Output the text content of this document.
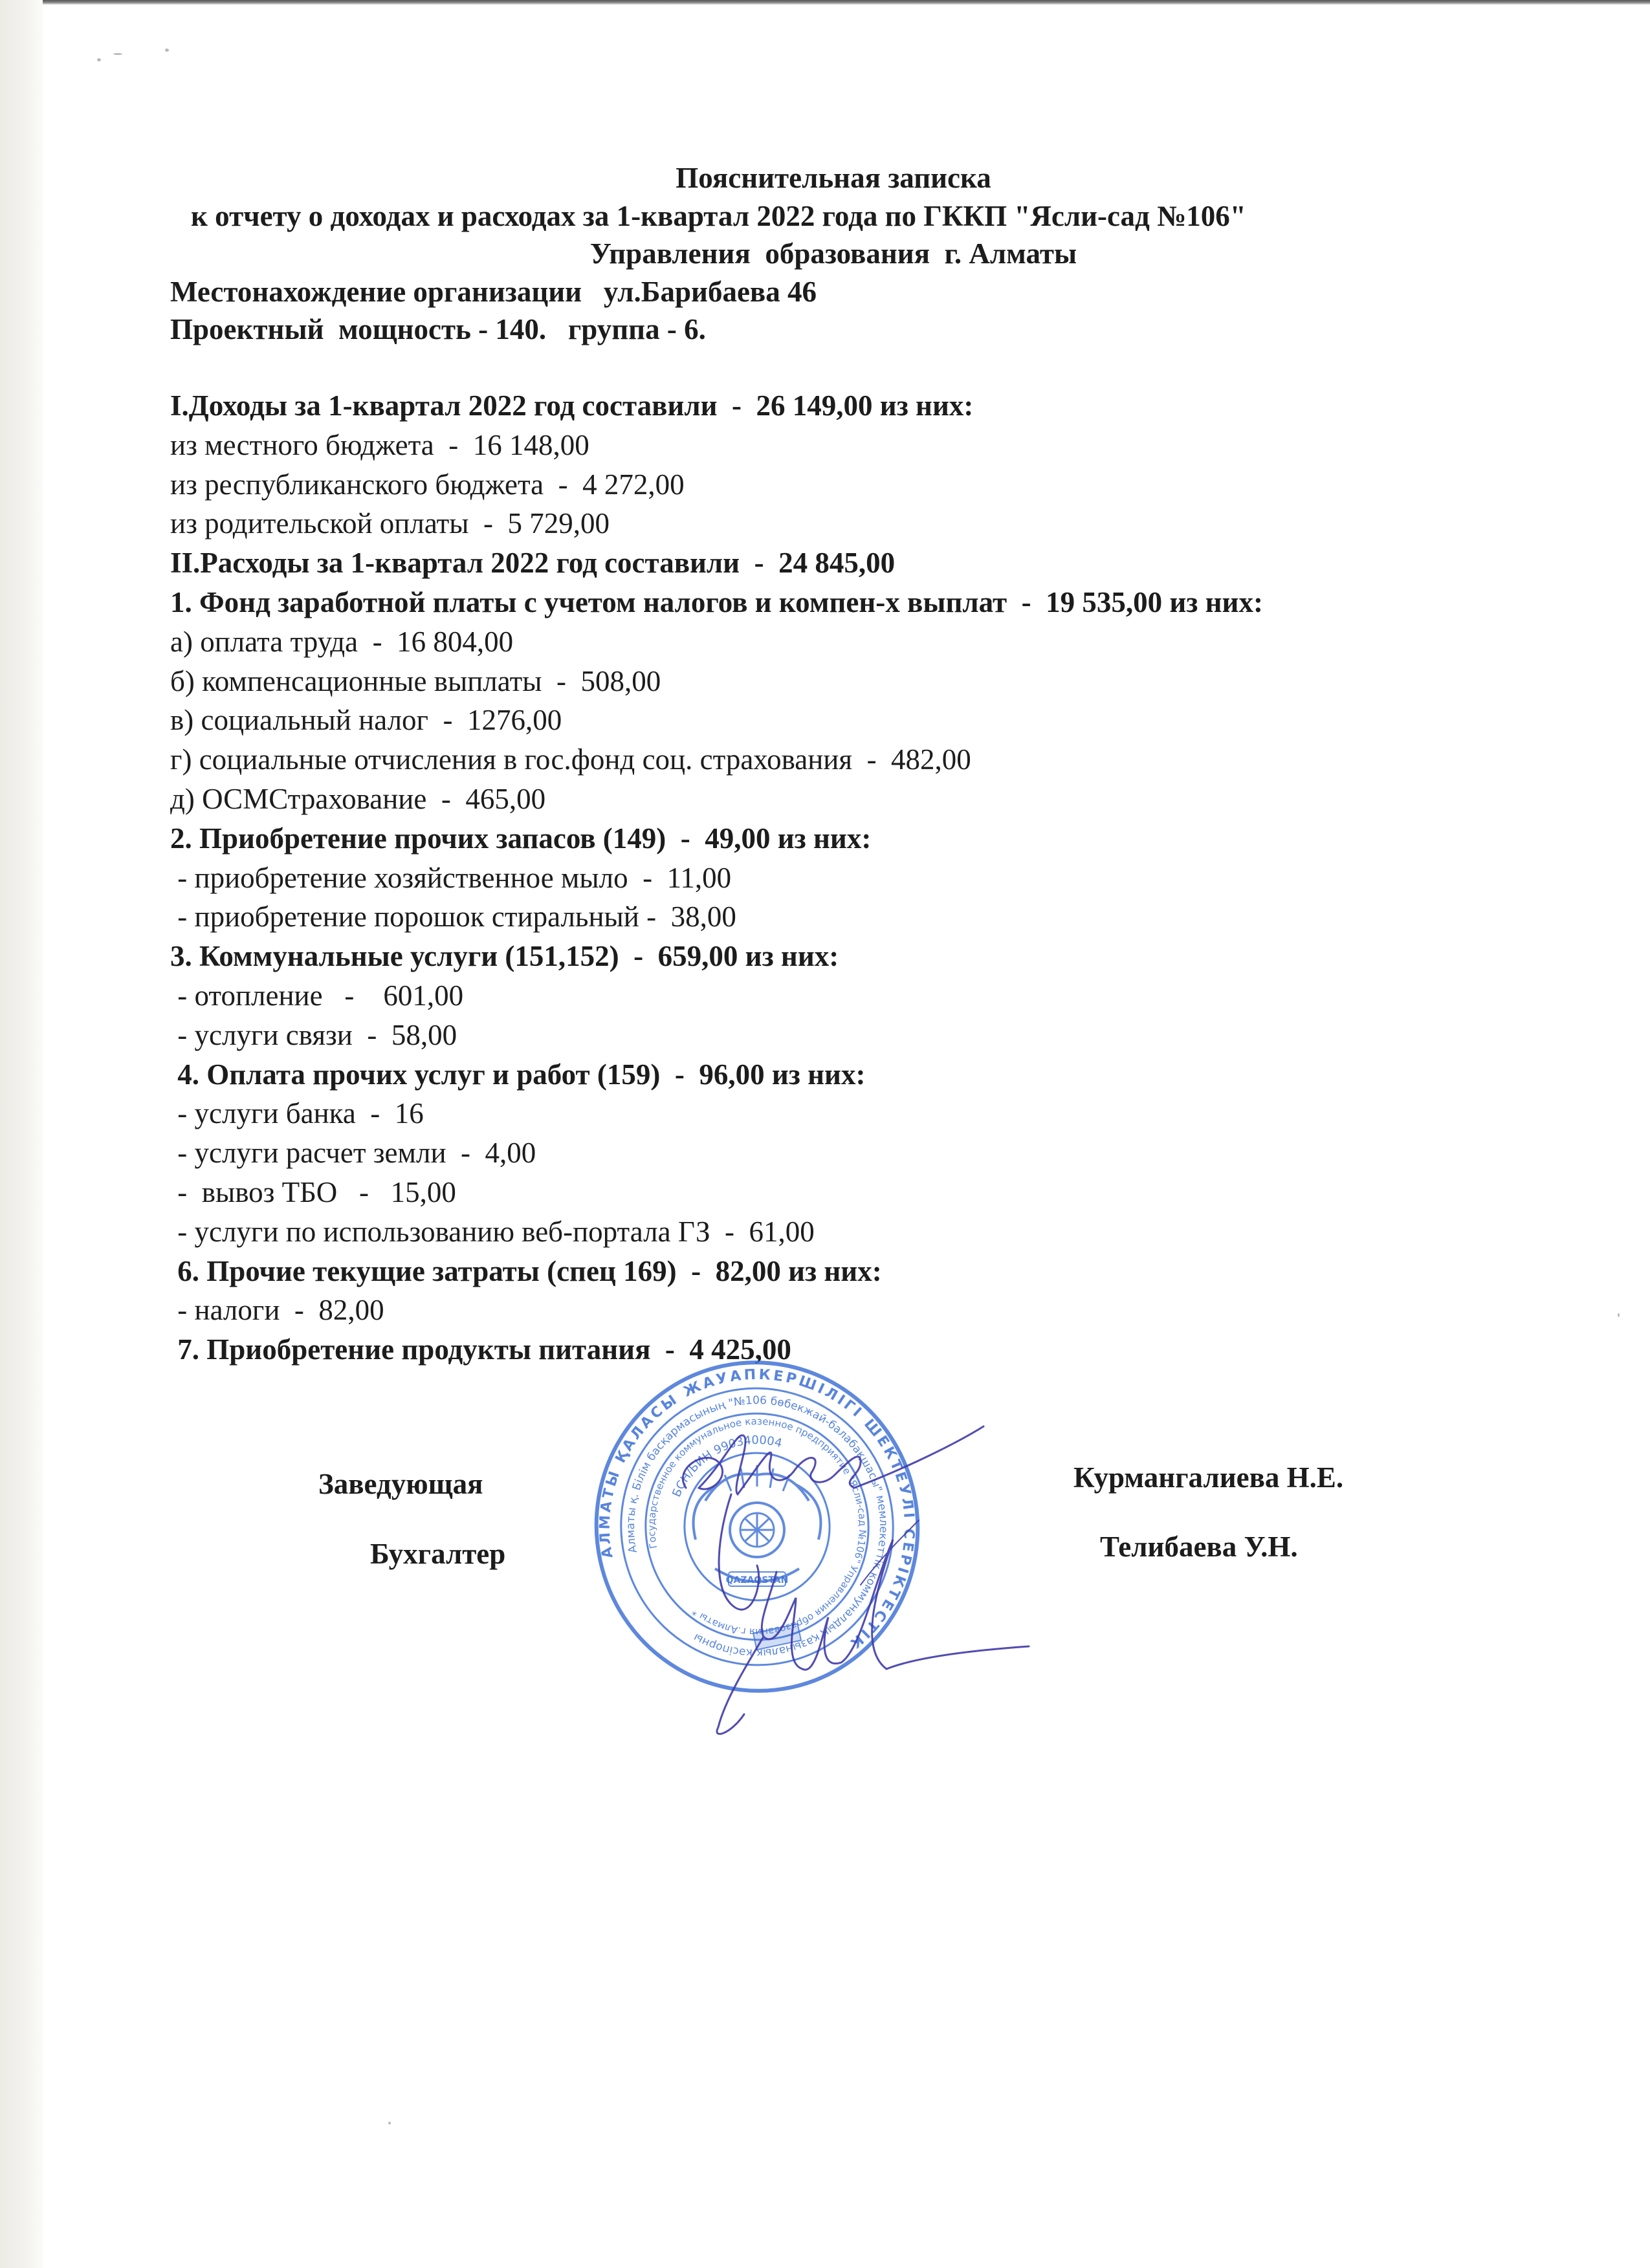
Пояснительная записка
к отчету о доходах и расходах за 1-квартал 2022 года по ГККП "Ясли-сад №106"
Управления  образования  г. Алматы
Местонахождение организации   ул.Барибаева 46
Проектный  мощность - 140.   группа - 6.
I.Доходы за 1-квартал 2022 год составили  -  26 149,00 из них:
из местного бюджета  -  16 148,00
из республиканского бюджета  -  4 272,00
из родительской оплаты  -  5 729,00
II.Расходы за 1-квартал 2022 год составили  -  24 845,00
1. Фонд заработной платы с учетом налогов и компен-х выплат  -  19 535,00 из них:
а) оплата труда  -  16 804,00
б) компенсационные выплаты  -  508,00
в) социальный налог  -  1276,00
г) социальные отчисления в гос.фонд соц. страхования  -  482,00
д) ОСМСтрахование  -  465,00
2. Приобретение прочих запасов (149)  -  49,00 из них:
- приобретение хозяйственное мыло  -  11,00
- приобретение порошок стиральный -  38,00
3. Коммунальные услуги (151,152)  -  659,00 из них:
- отопление   -    601,00
- услуги связи  -  58,00
4. Оплата прочих услуг и работ (159)  -  96,00 из них:
- услуги банка  -  16
- услуги расчет земли  -  4,00
-  вывоз ТБО   -   15,00
- услуги по использованию веб-портала ГЗ  -  61,00
6. Прочие текущие затраты (спец 169)  -  82,00 из них:
- налоги  -  82,00
7. Приобретение продукты питания  -  4 425,00
АЛМАТЫ ҚАЛАСЫ ЖАУАПКЕРШІЛІГІ ШЕКТЕУЛІ СЕРІКТЕСТІК
Алматы қ. Білім басқармасының "№106 бөбекжай-балабақшасы" мемлекеттік коммуналдық қазыналық кәсіпорны
Государственное коммунальное казенное предприятие "Ясли-сад №106" Управления образования г.Алматы *
БСН/БИН 990340004
QAZAQSTAN
Заведующая	Курмангалиева Н.Е.
Бухгалтер	Телибаева У.Н.
